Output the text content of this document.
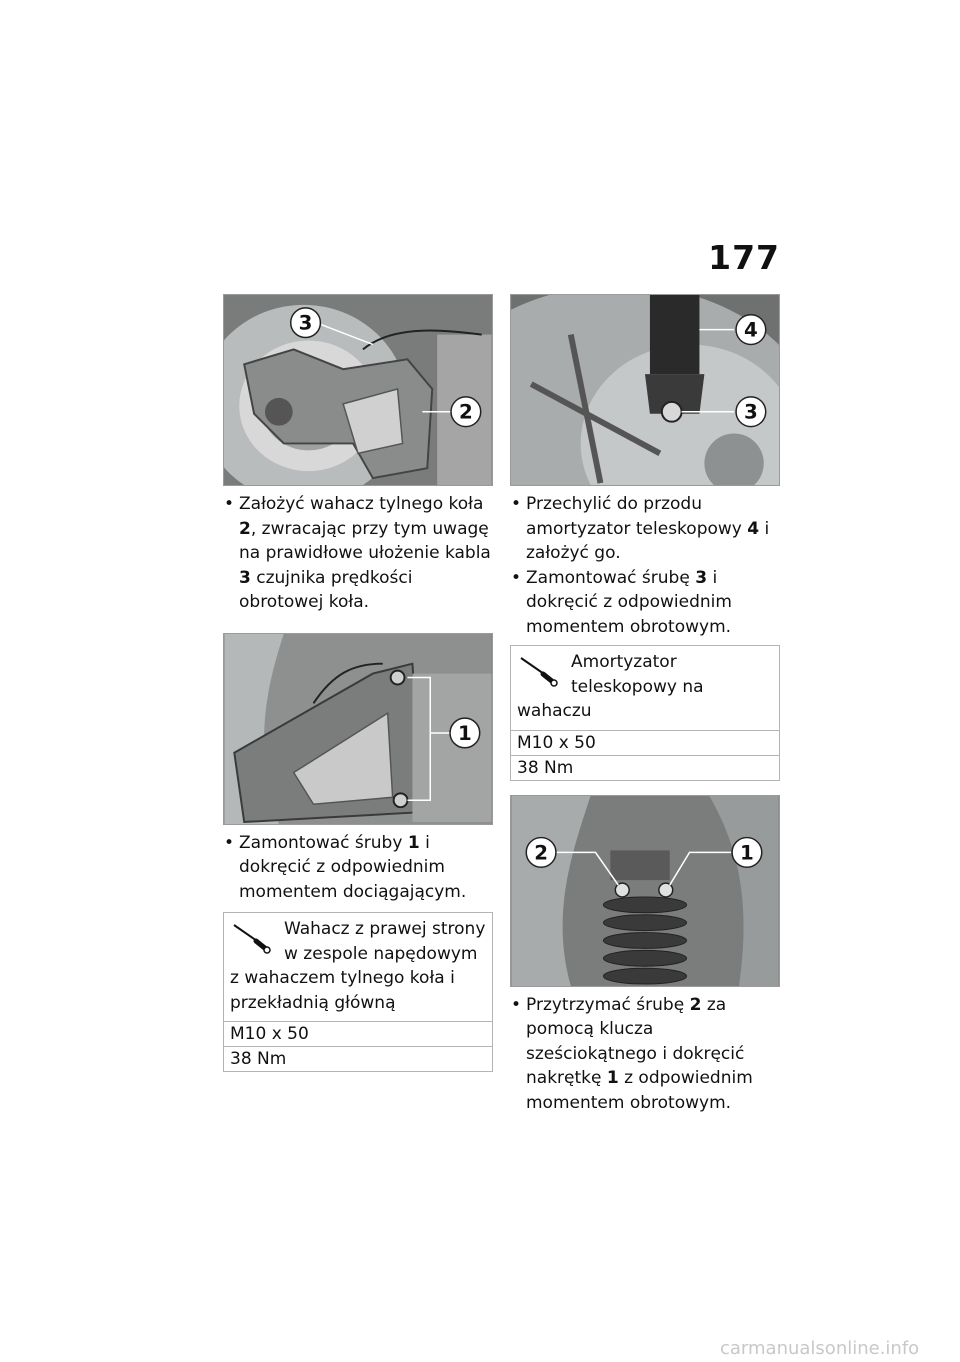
177
3
2
• Założyć wahacz tylnego koła 2, zwracając przy tym uwagę na prawidłowe ułożenie kabla 3 czujnika prędkości obrotowej koła.
1
• Zamontować śruby 1 i dokręcić z odpowiednim momentem dociągającym.
Wahacz z prawej strony w zespole napędowym z wahaczem tylnego koła i przekładnią główną
M10 x 50
38 Nm
4
3
• Przechylić do przodu amortyzator teleskopowy 4 i założyć go.
• Zamontować śrubę 3 i dokręcić z odpowiednim momentem obrotowym.
Amortyzator teleskopowy na wahaczu
M10 x 50
38 Nm
2	1
• Przytrzymać śrubę 2 za pomocą klucza sześciokątnego i dokręcić nakrętkę 1 z odpowiednim momentem obrotowym.
carmanualsonline.info
